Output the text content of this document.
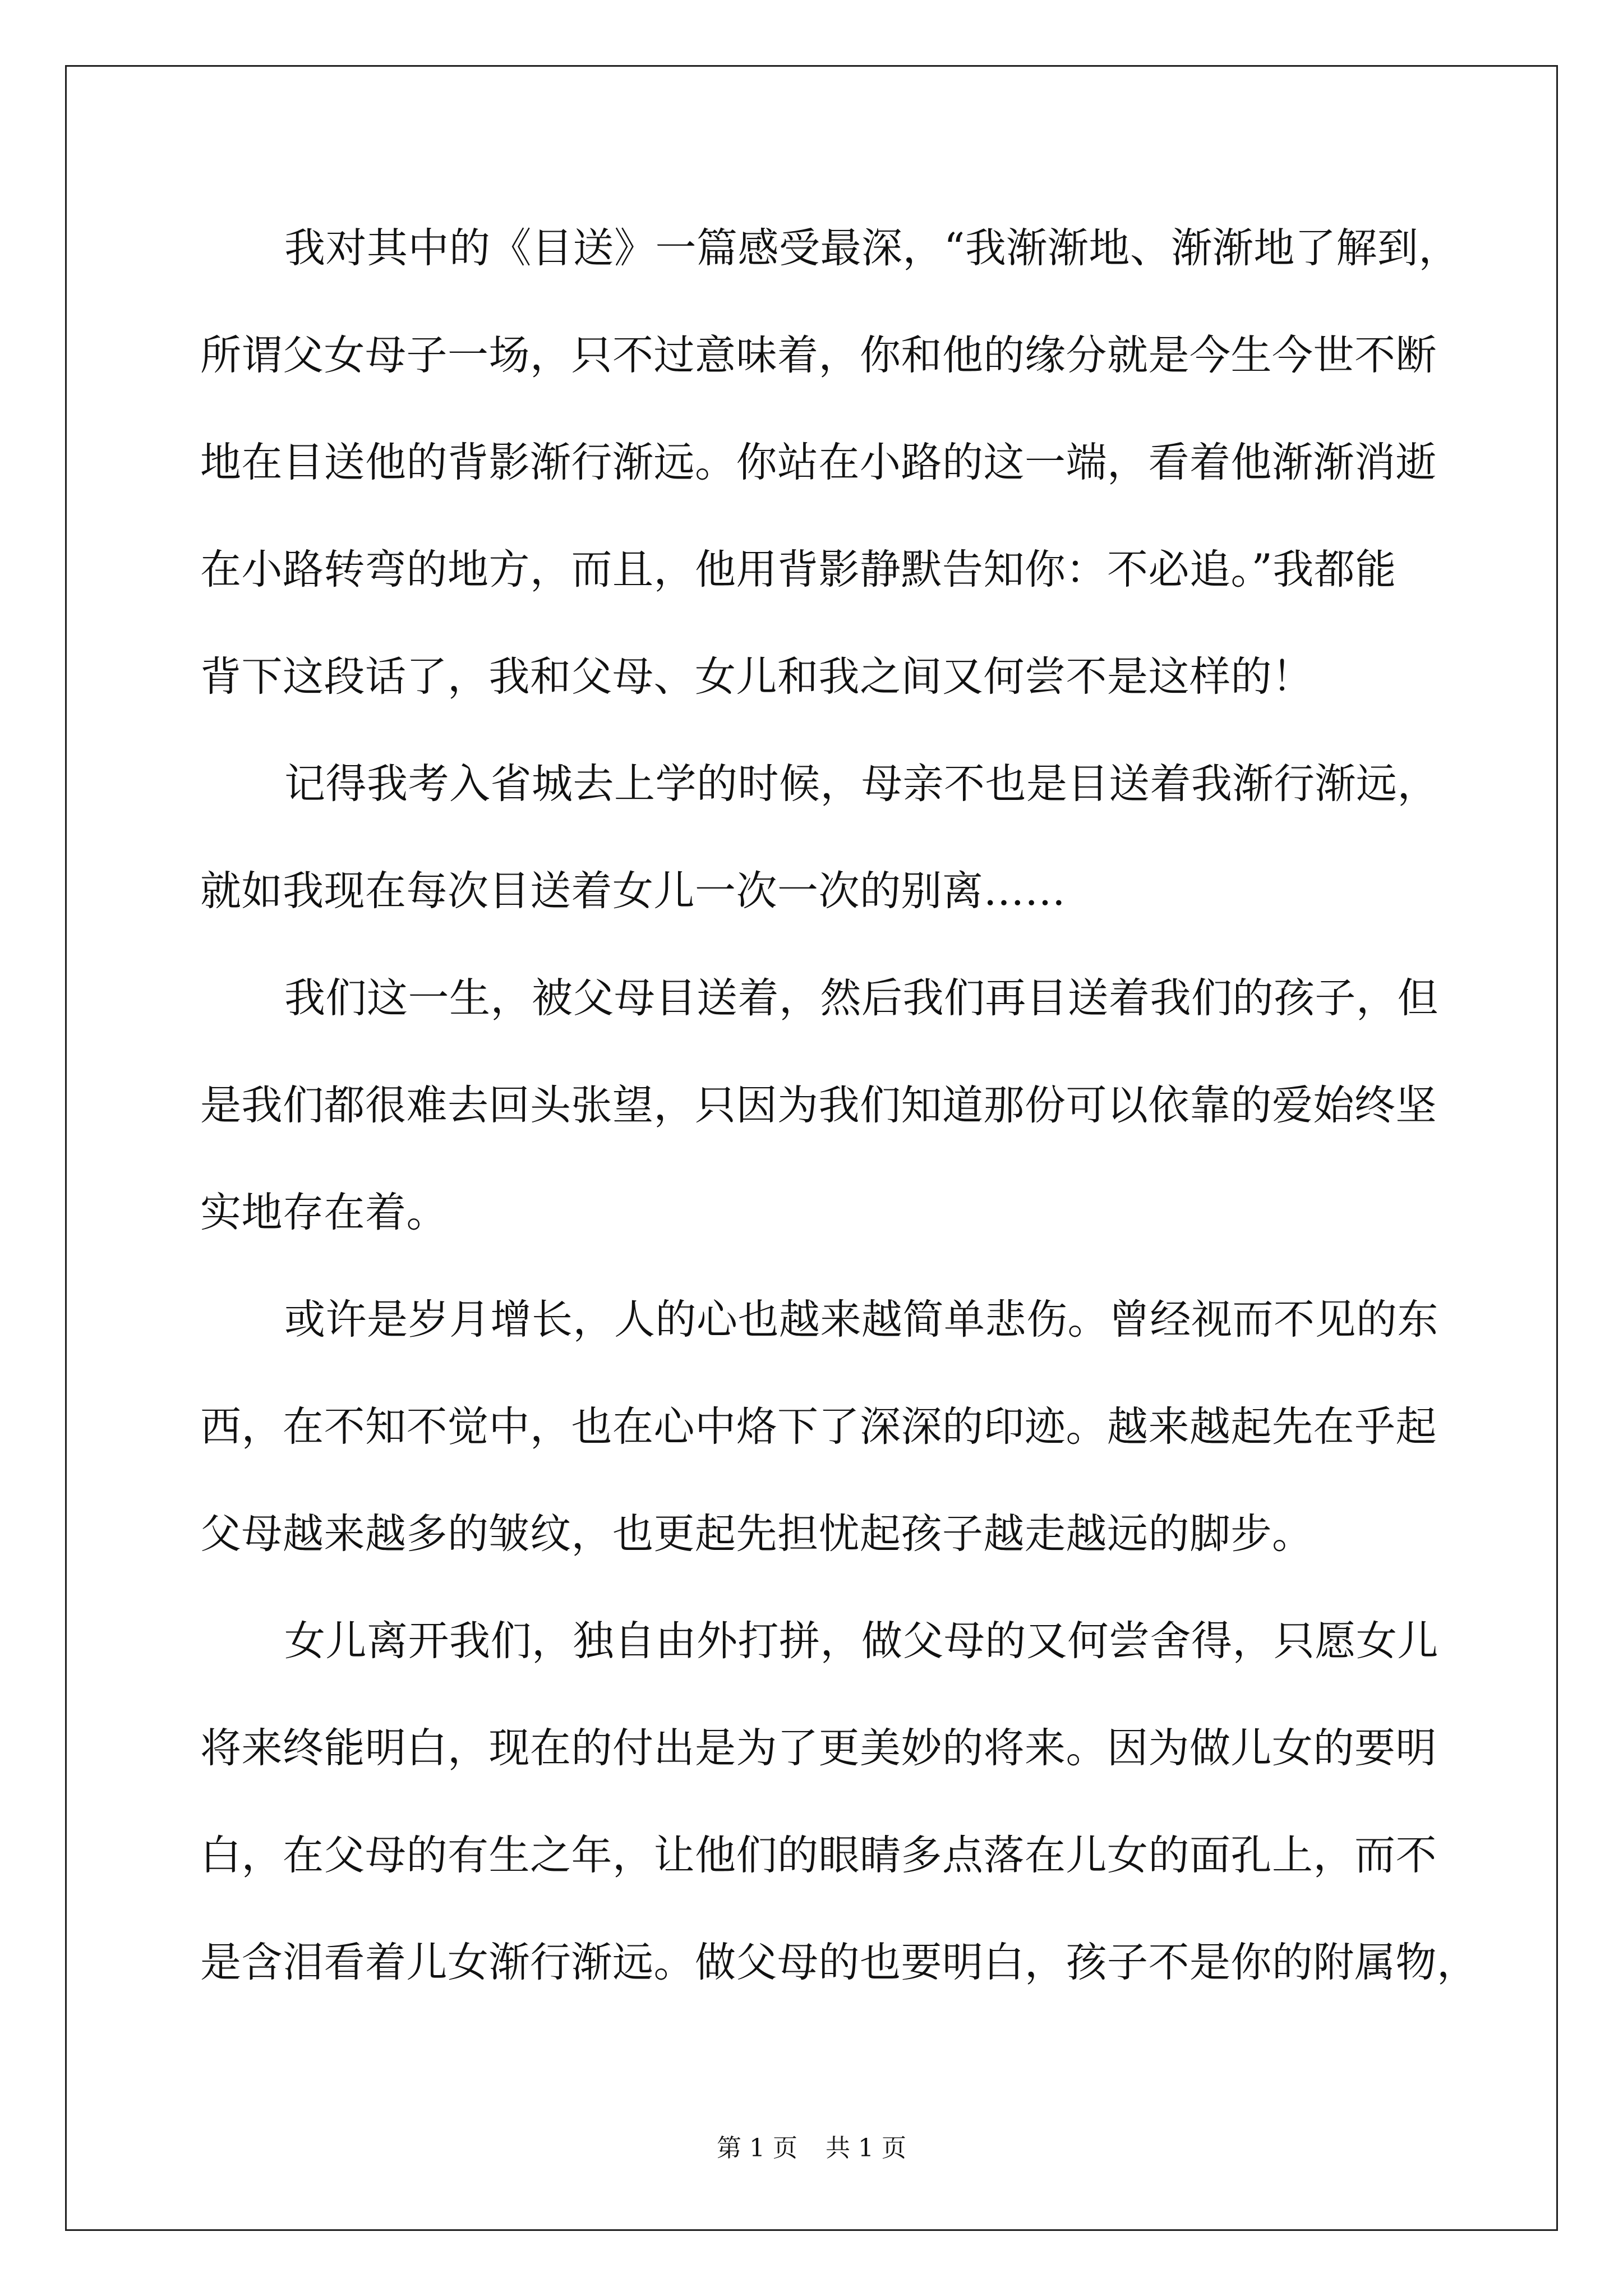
我对其中的《目送》一篇感受最深，“我渐渐地、渐渐地了解到，
所谓父女母子一场，只不过意味着，你和他的缘分就是今生今世不断
地在目送他的背影渐行渐远。你站在小路的这一端，看着他渐渐消逝
在小路转弯的地方，而且，他用背影静默告知你：不必追。”我都能
背下这段话了，我和父母、女儿和我之间又何尝不是这样的！
记得我考入省城去上学的时候，母亲不也是目送着我渐行渐远，
就如我现在每次目送着女儿一次一次的别离……
我们这一生，被父母目送着，然后我们再目送着我们的孩子，但
是我们都很难去回头张望，只因为我们知道那份可以依靠的爱始终坚
实地存在着。
或许是岁月增长，人的心也越来越简单悲伤。曾经视而不见的东
西，在不知不觉中，也在心中烙下了深深的印迹。越来越起先在乎起
父母越来越多的皱纹，也更起先担忧起孩子越走越远的脚步。
女儿离开我们，独自由外打拼，做父母的又何尝舍得，只愿女儿
将来终能明白，现在的付出是为了更美妙的将来。因为做儿女的要明
白，在父母的有生之年，让他们的眼睛多点落在儿女的面孔上，而不
是含泪看着儿女渐行渐远。做父母的也要明白，孩子不是你的附属物，
第 1 页 共 1 页
